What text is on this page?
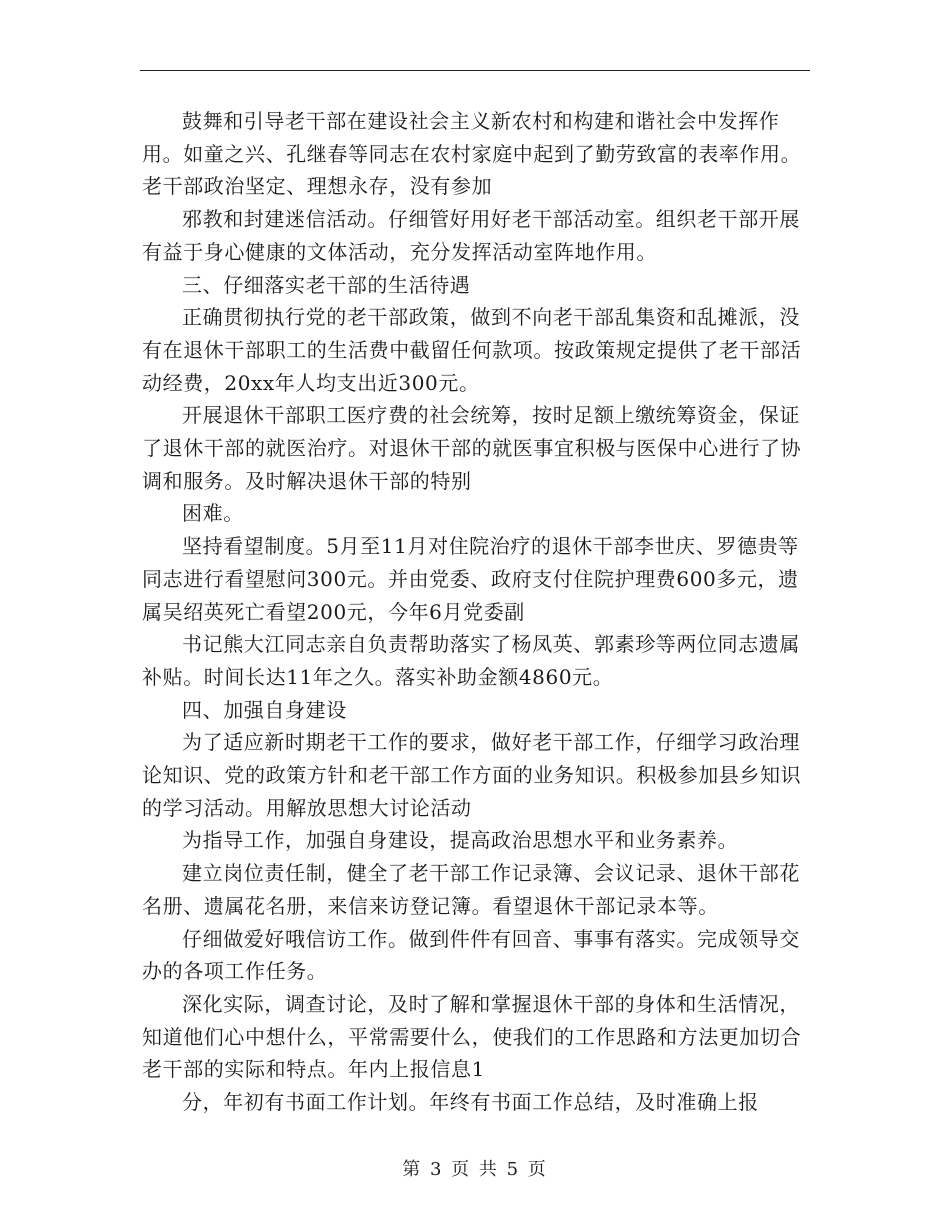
鼓舞和引导老干部在建设社会主义新农村和构建和谐社会中发挥作用。如童之兴、孔继春等同志在农村家庭中起到了勤劳致富的表率作用。老干部政治坚定、理想永存，没有参加

邪教和封建迷信活动。仔细管好用好老干部活动室。组织老干部开展有益于身心健康的文体活动，充分发挥活动室阵地作用。

三、仔细落实老干部的生活待遇

正确贯彻执行党的老干部政策，做到不向老干部乱集资和乱摊派，没有在退休干部职工的生活费中截留任何款项。按政策规定提供了老干部活动经费，20xx年人均支出近300元。

开展退休干部职工医疗费的社会统筹，按时足额上缴统筹资金，保证了退休干部的就医治疗。对退休干部的就医事宜积极与医保中心进行了协调和服务。及时解决退休干部的特别

困难。

坚持看望制度。5月至11月对住院治疗的退休干部李世庆、罗德贵等同志进行看望慰问300元。并由党委、政府支付住院护理费600多元，遗属吴绍英死亡看望200元，今年6月党委副

书记熊大江同志亲自负责帮助落实了杨凤英、郭素珍等两位同志遗属补贴。时间长达11年之久。落实补助金额4860元。

四、加强自身建设

为了适应新时期老干工作的要求，做好老干部工作，仔细学习政治理论知识、党的政策方针和老干部工作方面的业务知识。积极参加县乡知识的学习活动。用解放思想大讨论活动

为指导工作，加强自身建设，提高政治思想水平和业务素养。

建立岗位责任制，健全了老干部工作记录簿、会议记录、退休干部花名册、遗属花名册，来信来访登记簿。看望退休干部记录本等。

仔细做爱好哦信访工作。做到件件有回音、事事有落实。完成领导交办的各项工作任务。

深化实际，调查讨论，及时了解和掌握退休干部的身体和生活情况，知道他们心中想什么，平常需要什么，使我们的工作思路和方法更加切合老干部的实际和特点。年内上报信息1

分，年初有书面工作计划。年终有书面工作总结，及时准确上报

第 3 页 共 5 页
